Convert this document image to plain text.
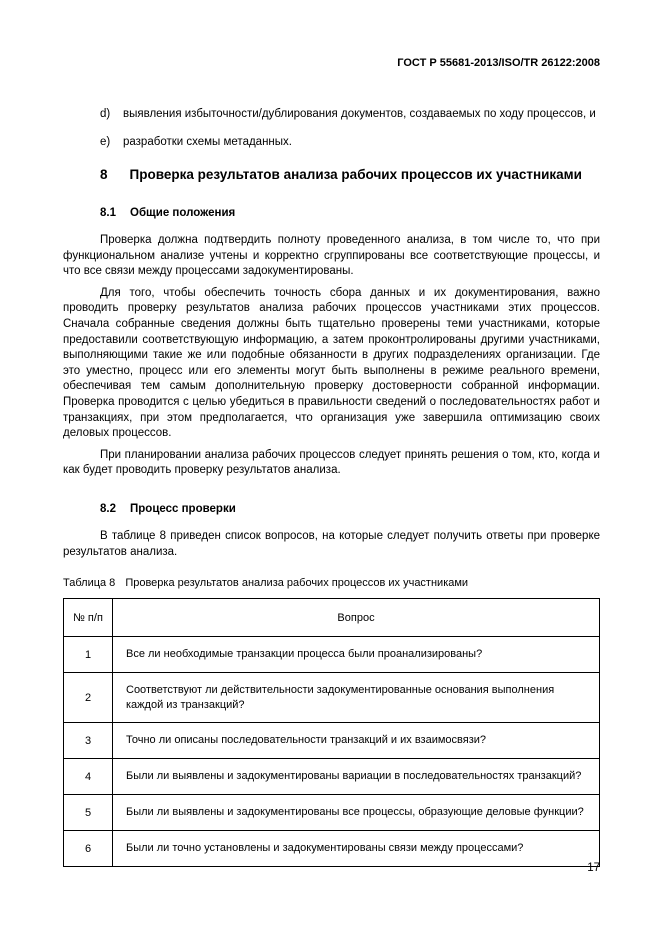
ГОСТ Р 55681-2013/ISO/TR 26122:2008
d)	выявления избыточности/дублирования документов, создаваемых по ходу процессов, и
e)	разработки схемы метаданных.
8 Проверка результатов анализа рабочих процессов их участниками
8.1 Общие положения

Проверка должна подтвердить полноту проведенного анализа, в том числе то, что при функциональном анализе учтены и корректно сгруппированы все соответствующие процессы, и что все связи между процессами задокументированы.

Для того, чтобы обеспечить точность сбора данных и их документирования, важно проводить проверку результатов анализа рабочих процессов участниками этих процессов. Сначала собранные сведения должны быть тщательно проверены теми участниками, которые предоставили соответствующую информацию, а затем проконтролированы другими участниками, выполняющими такие же или подобные обязанности в других подразделениях организации. Где это уместно, процесс или его элементы могут быть выполнены в режиме реального времени, обеспечивая тем самым дополнительную проверку достоверности собранной информации. Проверка проводится с целью убедиться в правильности сведений о последовательностях работ и транзакциях, при этом предполагается, что организация уже завершила оптимизацию своих деловых процессов.

При планировании анализа рабочих процессов следует принять решения о том, кто, когда и как будет проводить проверку результатов анализа.

8.2 Процесс проверки

В таблице 8 приведен список вопросов, на которые следует получить ответы при проверке результатов анализа.

Таблица 8 Проверка результатов анализа рабочих процессов их участниками

№ п/п	Вопрос
1	Все ли необходимые транзакции процесса были проанализированы?
2	Соответствуют ли действительности задокументированные основания выполнения каждой из транзакций?
3	Точно ли описаны последовательности транзакций и их взаимосвязи?
4	Были ли выявлены и задокументированы вариации в последовательностях транзакций?
5	Были ли выявлены и задокументированы все процессы, образующие деловые функции?
6	Были ли точно установлены и задокументированы связи между процессами?
17
